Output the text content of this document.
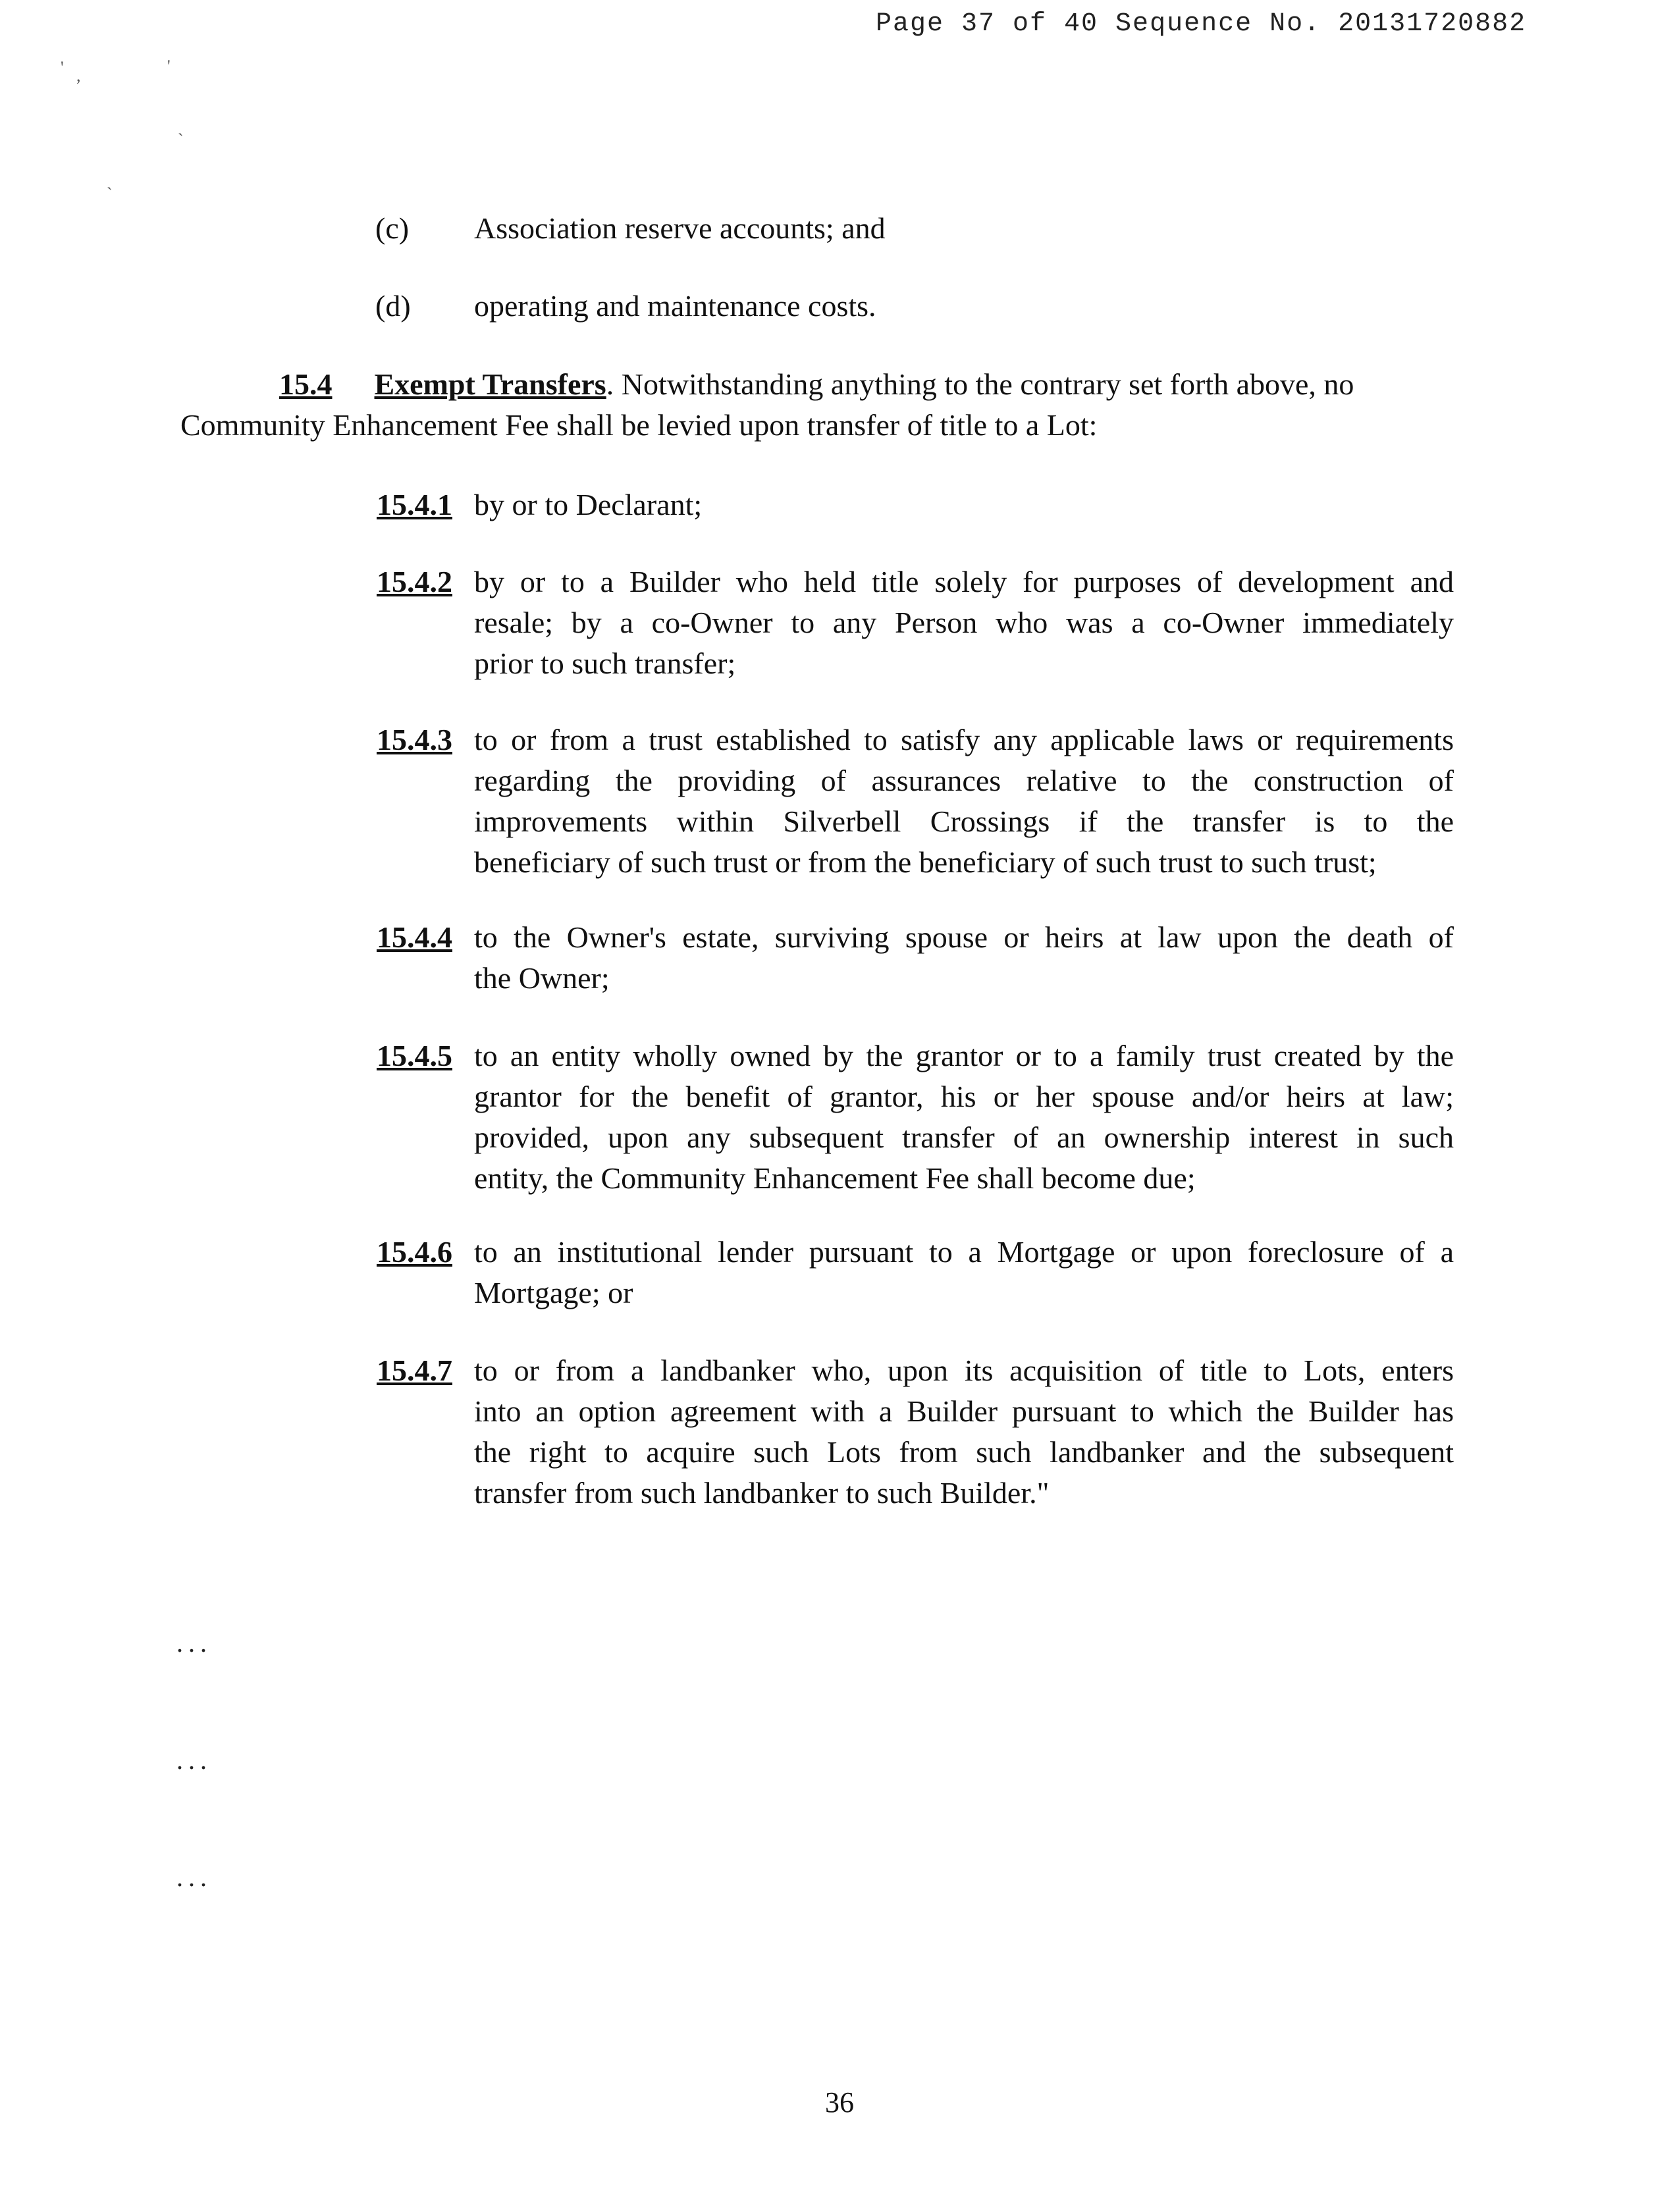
Page 37 of 40 Sequence No. 20131720882
' ,	'
`
`
(c) Association reserve accounts; and
(d) operating and maintenance costs.
15.4 Exempt Transfers. Notwithstanding anything to the contrary set forth above, no
Community Enhancement Fee shall be levied upon transfer of title to a Lot:
15.4.1 by or to Declarant;
15.4.2 by or to a Builder who held title solely for purposes of development and
resale; by a co-Owner to any Person who was a co-Owner immediately
prior to such transfer;
15.4.3 to or from a trust established to satisfy any applicable laws or requirements
regarding the providing of assurances relative to the construction of
improvements within Silverbell Crossings if the transfer is to the
beneficiary of such trust or from the beneficiary of such trust to such trust;
15.4.4 to the Owner's estate, surviving spouse or heirs at law upon the death of
the Owner;
15.4.5 to an entity wholly owned by the grantor or to a family trust created by the
grantor for the benefit of grantor, his or her spouse and/or heirs at law;
provided, upon any subsequent transfer of an ownership interest in such
entity, the Community Enhancement Fee shall become due;
15.4.6 to an institutional lender pursuant to a Mortgage or upon foreclosure of a
Mortgage; or
15.4.7 to or from a landbanker who, upon its acquisition of title to Lots, enters
into an option agreement with a Builder pursuant to which the Builder has
the right to acquire such Lots from such landbanker and the subsequent
transfer from such landbanker to such Builder."
...
...
...
36
